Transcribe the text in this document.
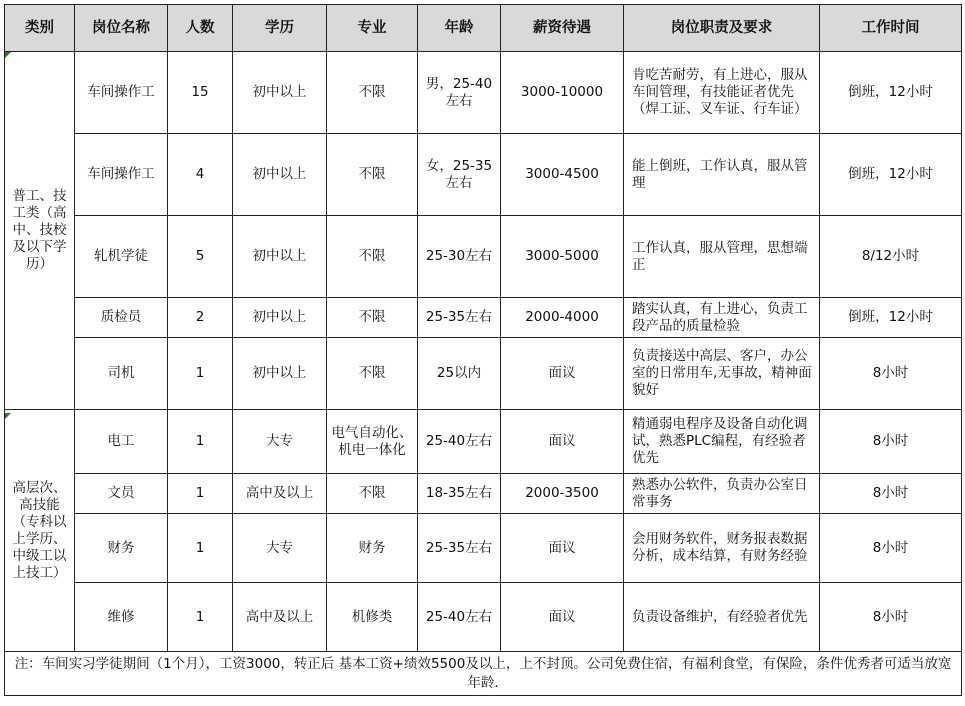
类别	岗位名称	人数	学历	专业	年龄	薪资待遇	岗位职责及要求	工作时间
普工、技工类（高中、技校及以下学历）	车间操作工	15	初中以上	不限	男，25-40左右	3000-10000	肯吃苦耐劳，有上进心，服从车间管理，有技能证者优先（焊工证、叉车证、行车证）	倒班，12小时
	车间操作工	4	初中以上	不限	女，25-35左右	3000-4500	能上倒班，工作认真，服从管理	倒班，12小时
	轧机学徒	5	初中以上	不限	25-30左右	3000-5000	工作认真，服从管理，思想端正	8/12小时
	质检员	2	初中以上	不限	25-35左右	2000-4000	踏实认真，有上进心，负责工段产品的质量检验	倒班，12小时
	司机	1	初中以上	不限	25以内	面议	负责接送中高层、客户，办公室的日常用车,无事故，精神面貌好	8小时
高层次、高技能（专科以上学历、中级工以上技工）	电工	1	大专	电气自动化、机电一体化	25-40左右	面议	精通弱电程序及设备自动化调试，熟悉PLC编程，有经验者优先	8小时
	文员	1	高中及以上	不限	18-35左右	2000-3500	熟悉办公软件，负责办公室日常事务	8小时
	财务	1	大专	财务	25-35左右	面议	会用财务软件，财务报表数据分析，成本结算，有财务经验	8小时
	维修	1	高中及以上	机修类	25-40左右	面议	负责设备维护，有经验者优先	8小时
注：车间实习学徒期间（1个月），工资3000，转正后 基本工资+绩效5500及以上，上不封顶。公司免费住宿，有福利食堂，有保险，条件优秀者可适当放宽年龄.								
